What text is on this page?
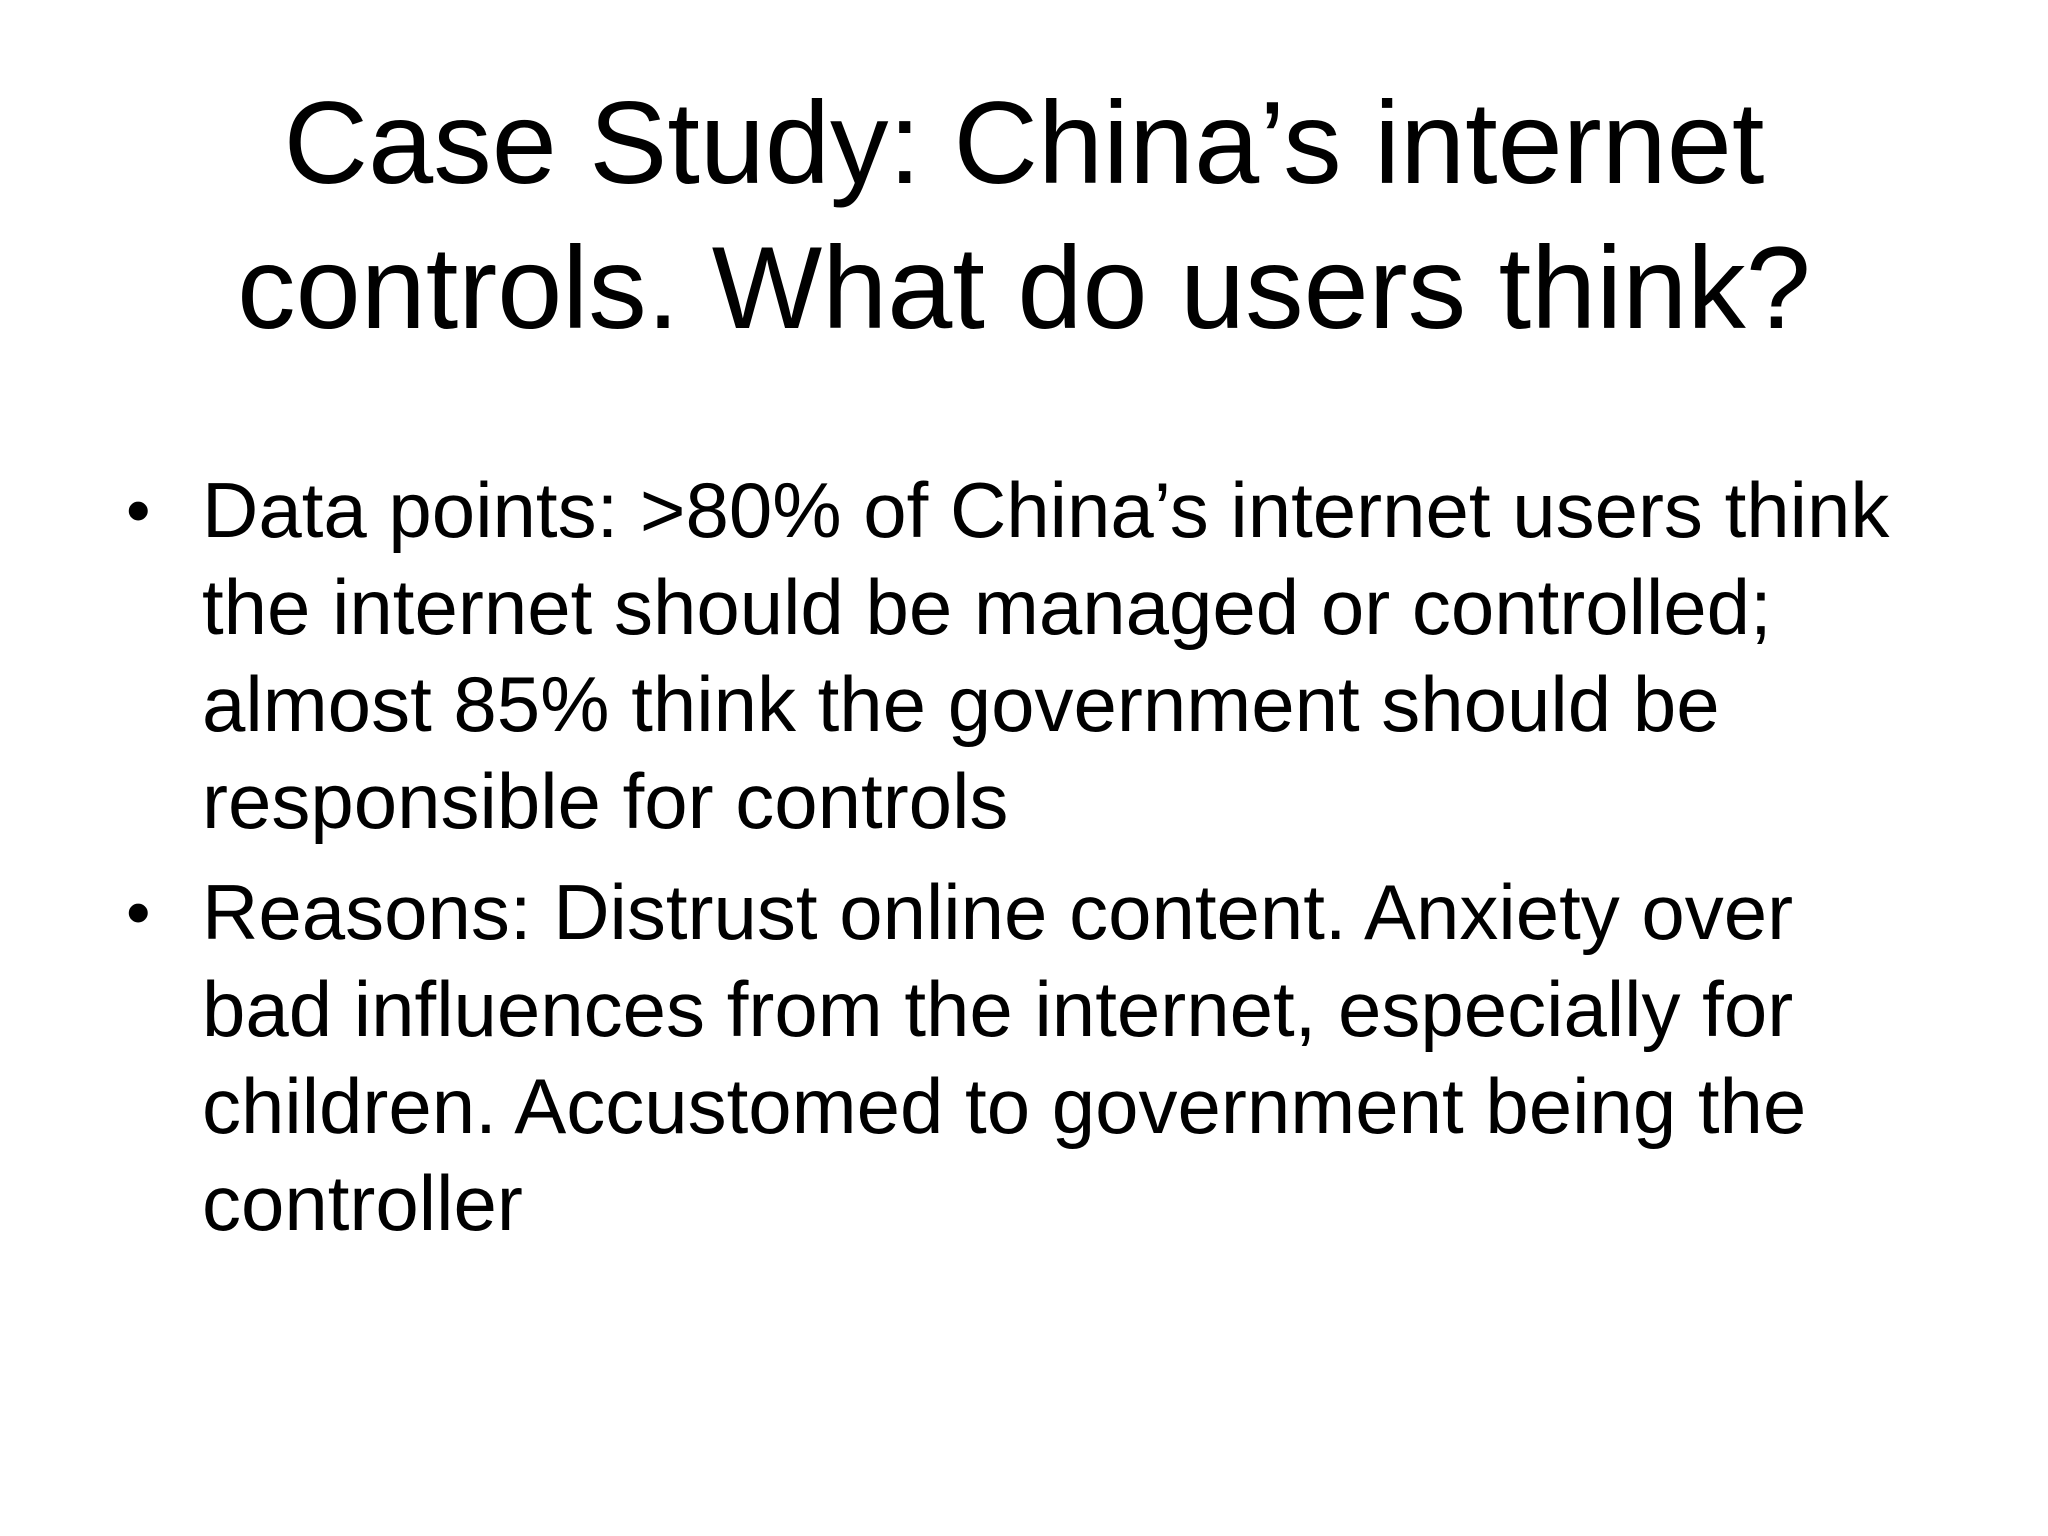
Case Study: China’s internet controls. What do users think?
• Data points: >80% of China’s internet users think the internet should be managed or controlled; almost 85% think the government should be responsible for controls
• Reasons: Distrust online content. Anxiety over bad influences from the internet, especially for children. Accustomed to government being the controller
